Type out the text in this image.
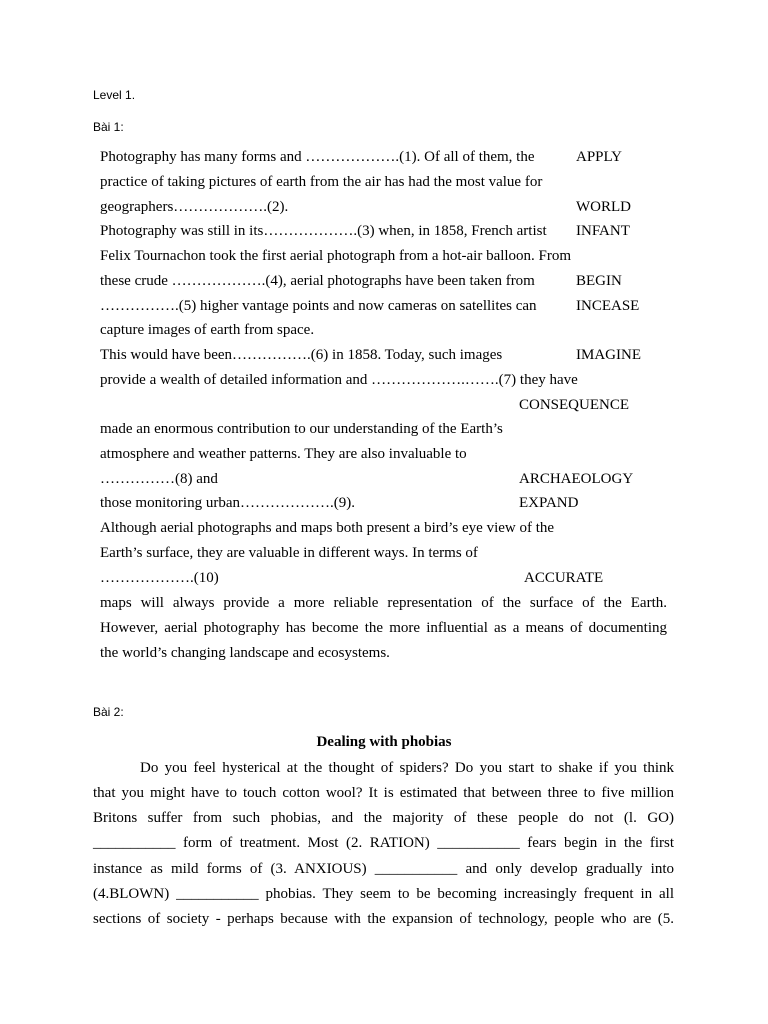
Level 1.
Bài 1:
Photography has many forms and ……………….(1). Of all of them, the
practice of taking pictures of earth from the air has had the most value for
geographers……………….(2).
Photography was still in its……………….(3) when, in 1858, French artist
Felix Tournachon took the first aerial photograph from a hot-air balloon. From
these crude ……………….(4), aerial photographs have been taken from
…………….(5) higher vantage points and now cameras on satellites can
capture images of earth from space.
This would have been…………….(6) in 1858. Today, such images
provide a wealth of detailed information and ……………….…….(7) they have
made an enormous contribution to our understanding of the Earth’s
atmosphere and weather patterns. They are also invaluable to
……………(8) and
those monitoring urban……………….(9).
Although aerial photographs and maps both present a bird’s eye view of the
Earth’s surface, they are valuable in different ways. In terms of
……………….(10)
maps will always provide a more reliable representation of the surface of the Earth.
However, aerial photography has become the more influential as a means of documenting
the world’s changing landscape and ecosystems.
APPLY
WORLD
INFANT
BEGIN
INCEASE
IMAGINE
CONSEQUENCE
ARCHAEOLOGY
EXPAND
ACCURATE
Bài 2:
Dealing with phobias
Do you feel hysterical at the thought of spiders? Do you start to shake if you think
that you might have to touch cotton wool? It is estimated that between three to five million
Britons suffer from such phobias, and the majority of these people do not (l. GO)
___________ form of treatment. Most (2. RATION) ___________ fears begin in the first
instance as mild forms of (3. ANXIOUS) ___________ and only develop gradually into
(4.BLOWN) ___________ phobias. They seem to be becoming increasingly frequent in all
sections of society - perhaps because with the expansion of technology, people who are (5.
